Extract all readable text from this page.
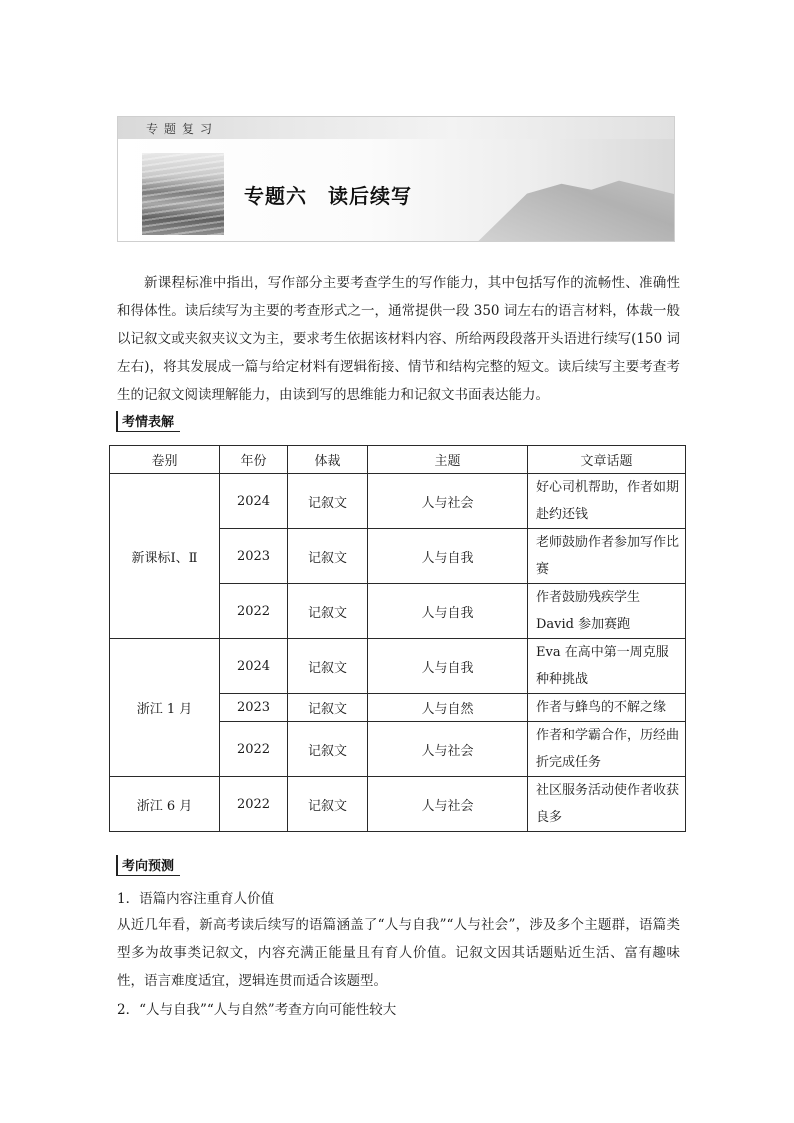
专题复习
专题六　读后续写

新课程标准中指出，写作部分主要考查学生的写作能力，其中包括写作的流畅性、准确性和得体性。读后续写为主要的考查形式之一，通常提供一段 350 词左右的语言材料，体裁一般以记叙文或夹叙夹议文为主，要求考生依据该材料内容、所给两段段落开头语进行续写(150 词左右)，将其发展成一篇与给定材料有逻辑衔接、情节和结构完整的短文。读后续写主要考查考生的记叙文阅读理解能力，由读到写的思维能力和记叙文书面表达能力。

考情表解
卷别	年份	体裁	主题	文章话题
新课标Ⅰ、Ⅱ	2024	记叙文	人与社会	好心司机帮助，作者如期赴约还钱
	2023	记叙文	人与自我	老师鼓励作者参加写作比赛
	2022	记叙文	人与自我	作者鼓励残疾学生 David 参加赛跑
浙江 1 月	2024	记叙文	人与自我	Eva 在高中第一周克服种种挑战
	2023	记叙文	人与自然	作者与蜂鸟的不解之缘
	2022	记叙文	人与社会	作者和学霸合作，历经曲折完成任务
浙江 6 月	2022	记叙文	人与社会	社区服务活动使作者收获良多
考向预测

1．语篇内容注重育人价值

从近几年看，新高考读后续写的语篇涵盖了“人与自我”“人与社会”，涉及多个主题群，语篇类型多为故事类记叙文，内容充满正能量且有育人价值。记叙文因其话题贴近生活、富有趣味性，语言难度适宜，逻辑连贯而适合该题型。

2．“人与自我”“人与自然”考查方向可能性较大
